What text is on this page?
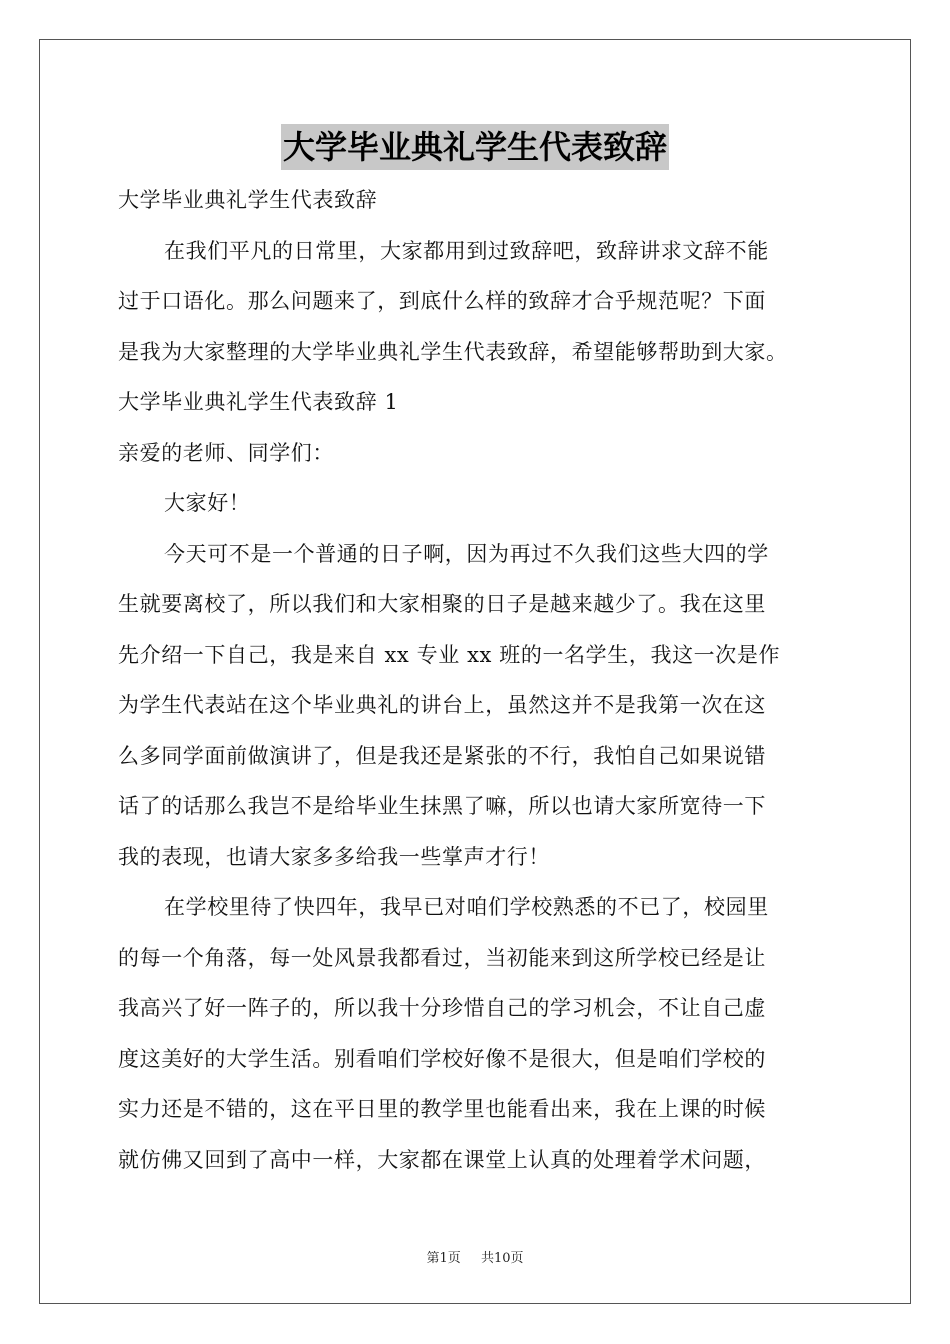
大学毕业典礼学生代表致辞
大学毕业典礼学生代表致辞
在我们平凡的日常里，大家都用到过致辞吧，致辞讲求文辞不能
过于口语化。那么问题来了，到底什么样的致辞才合乎规范呢？下面
是我为大家整理的大学毕业典礼学生代表致辞，希望能够帮助到大家。
大学毕业典礼学生代表致辞 1
亲爱的老师、同学们：
大家好！
今天可不是一个普通的日子啊，因为再过不久我们这些大四的学
生就要离校了，所以我们和大家相聚的日子是越来越少了。我在这里
先介绍一下自己，我是来自 xx 专业 xx 班的一名学生，我这一次是作
为学生代表站在这个毕业典礼的讲台上，虽然这并不是我第一次在这
么多同学面前做演讲了，但是我还是紧张的不行，我怕自己如果说错
话了的话那么我岂不是给毕业生抹黑了嘛，所以也请大家所宽待一下
我的表现，也请大家多多给我一些掌声才行！
在学校里待了快四年，我早已对咱们学校熟悉的不已了，校园里
的每一个角落，每一处风景我都看过，当初能来到这所学校已经是让
我高兴了好一阵子的，所以我十分珍惜自己的学习机会，不让自己虚
度这美好的大学生活。别看咱们学校好像不是很大，但是咱们学校的
实力还是不错的，这在平日里的教学里也能看出来，我在上课的时候
就仿佛又回到了高中一样，大家都在课堂上认真的处理着学术问题，
第1页 共10页
